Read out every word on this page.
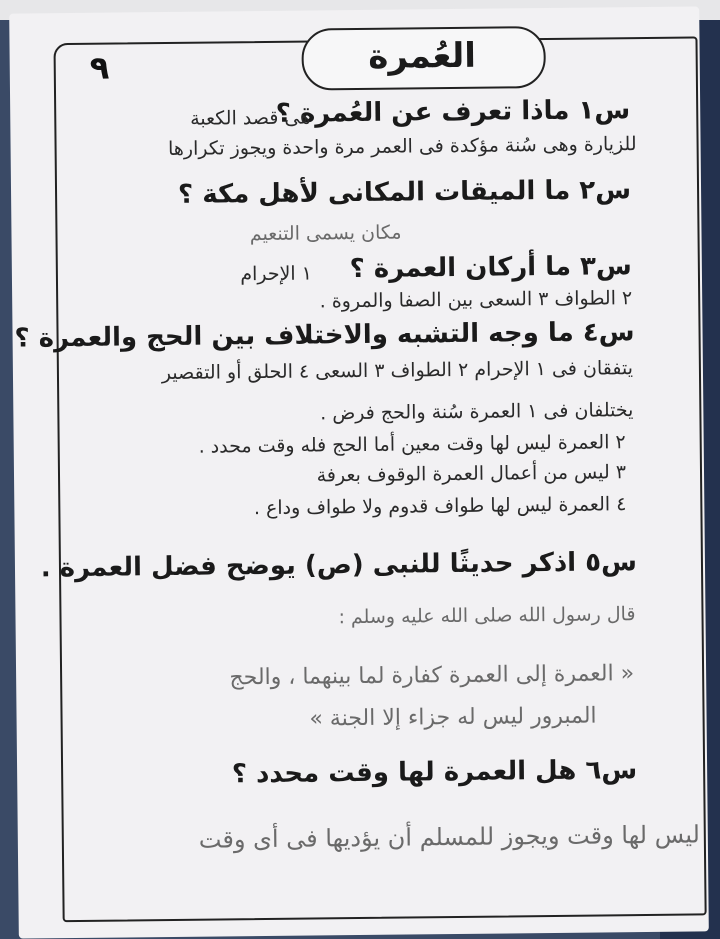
العُمرة
٩
س١ ماذا تعرف عن العُمرة ؟
هى قصد الكعبة
للزيارة وهى سُنة مؤكدة فى العمر مرة واحدة ويجوز تكرارها
س٢ ما الميقات المكانى لأهل مكة ؟
مكان يسمى التنعيم
س٣ ما أركان العمرة ؟
١ الإحرام
٢ الطواف ٣ السعى بين الصفا والمروة .
س٤ ما وجه التشبه والاختلاف بين الحج والعمرة ؟
يتفقان فى ١ الإحرام ٢ الطواف ٣ السعى ٤ الحلق أو التقصير
يختلفان فى ١ العمرة سُنة والحج فرض .
٢ العمرة ليس لها وقت معين أما الحج فله وقت محدد .
٣ ليس من أعمال العمرة الوقوف بعرفة
٤ العمرة ليس لها طواف قدوم ولا طواف وداع .
س٥ اذكر حديثًا للنبى (ص) يوضح فضل العمرة .
قال رسول الله صلى الله عليه وسلم :
« العمرة إلى العمرة كفارة لما بينهما ، والحج
المبرور ليس له جزاء إلا الجنة »
س٦ هل العمرة لها وقت محدد ؟
ليس لها وقت ويجوز للمسلم أن يؤديها فى أى وقت
